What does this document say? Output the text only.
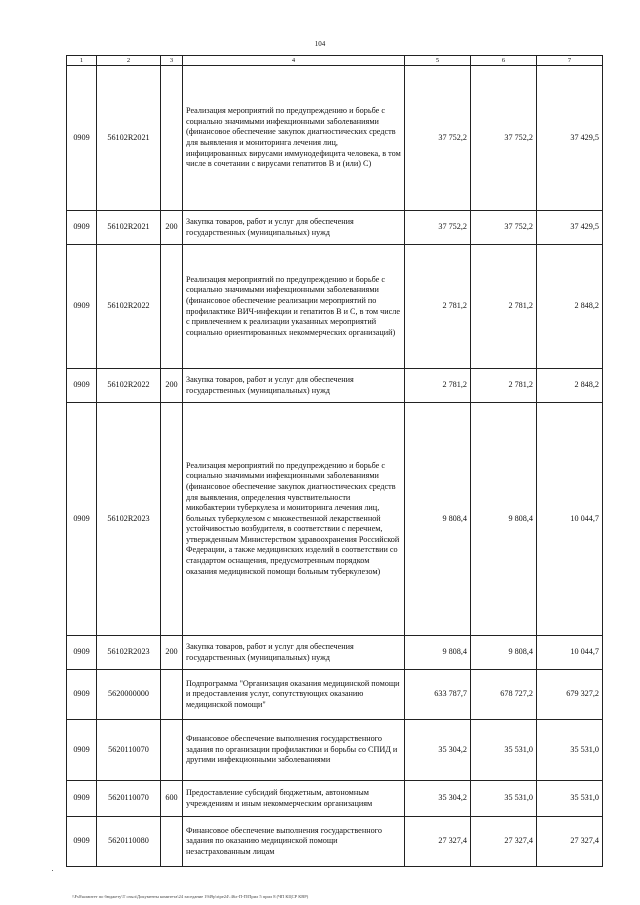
104
1	2	3	4	5	6	7
0909	56102R2021		Реализация мероприятий по предупреждению и борьбе с социально значимыми инфекционными заболеваниями (финансовое обеспечение закупок диагностических средств для выявления и мониторинга лечения лиц, инфицированных вирусами иммунодефицита человека, в том числе в сочетании с вирусами гепатитов B и (или) C)	37 752,2	37 752,2	37 429,5
0909	56102R2021	200	Закупка товаров, работ и услуг для обеспечения государственных (муниципальных) нужд	37 752,2	37 752,2	37 429,5
0909	56102R2022		Реализация мероприятий по предупреждению и борьбе с социально значимыми инфекционными заболеваниями (финансовое обеспечение реализации мероприятий по профилактике ВИЧ-инфекции и гепатитов B и C, в том числе с привлечением к реализации указанных мероприятий социально ориентированных некоммерческих организаций)	2 781,2	2 781,2	2 848,2
0909	56102R2022	200	Закупка товаров, работ и услуг для обеспечения государственных (муниципальных) нужд	2 781,2	2 781,2	2 848,2
0909	56102R2023		Реализация мероприятий по предупреждению и борьбе с социально значимыми инфекционными заболеваниями (финансовое обеспечение закупок диагностических средств для выявления, определения чувствительности микобактерии туберкулеза и мониторинга лечения лиц, больных туберкулезом с множественной лекарственной устойчивостью возбудителя, в соответствии с перечнем, утвержденным Министерством здравоохранения Российской Федерации, а также медицинских изделий в соответствии со стандартом оснащения, предусмотренным порядком оказания медицинской помощи больным туберкулезом)	9 808,4	9 808,4	10 044,7
0909	56102R2023	200	Закупка товаров, работ и услуг для обеспечения государственных (муниципальных) нужд	9 808,4	9 808,4	10 044,7
0909	5620000000		Подпрограмма "Организация оказания медицинской помощи и предоставления услуг, сопутствующих оказанию медицинской помощи"	633 787,7	678 727,2	679 327,2
0909	5620110070		Финансовое обеспечение выполнения государственного задания по организации профилактики и борьбы со СПИД и другими инфекционными заболеваниями	35 304,2	35 531,0	35 531,0
0909	5620110070	600	Предоставление субсидий бюджетным, автономным учреждениям и иным некоммерческим организациям	35 304,2	35 531,0	35 531,0
0909	5620110080		Финансовое обеспечение выполнения государственного задания по оказанию медицинской помощи незастрахованным лицам	27 327,4	27 327,4	27 327,4
\\Fs0\комитет по бюджету\Т озыл\Документы комитета\24 заседание 1949p\ripe24\ 46л-П-П\Прил 5 прил 8 (ЧП КЦСР КВР)
